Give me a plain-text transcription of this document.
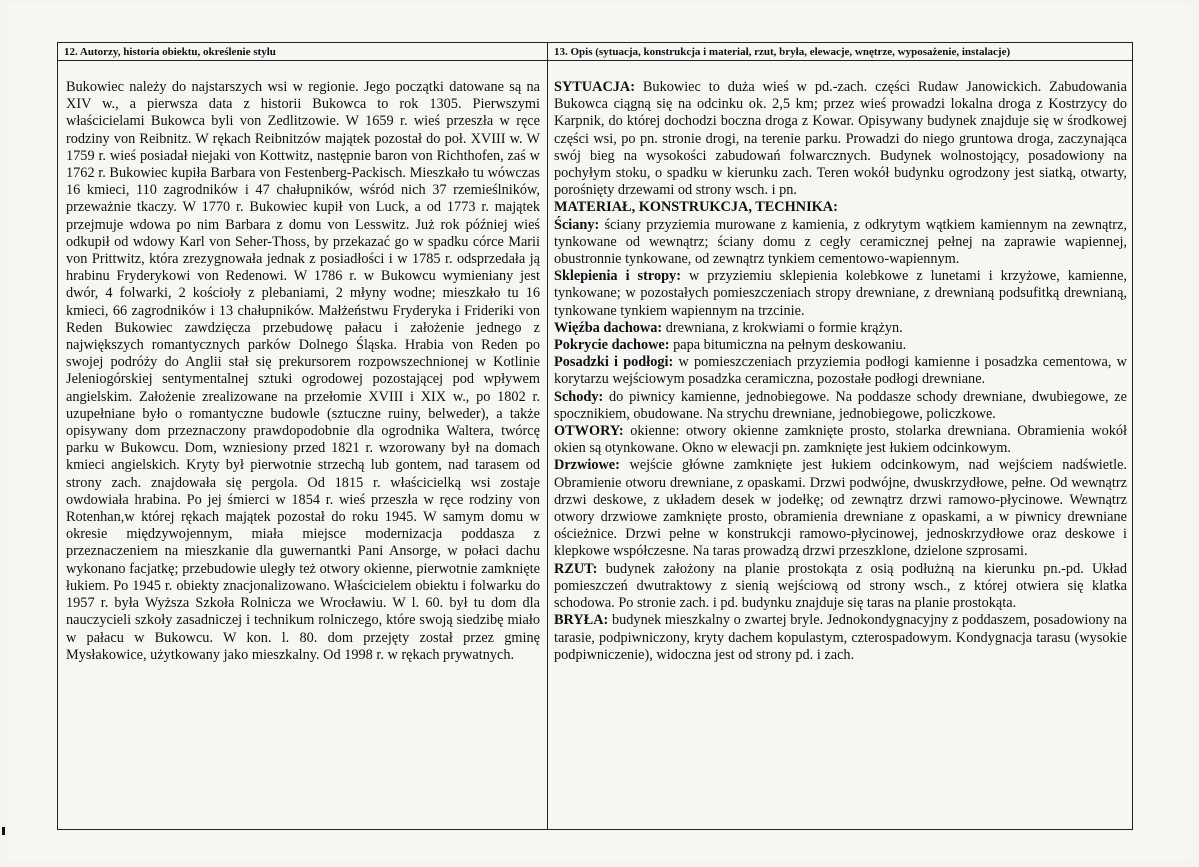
12. Autorzy, historia obiektu, określenie stylu
Bukowiec należy do najstarszych wsi w regionie. Jego początki datowane są na XIV w., a pierwsza data z historii Bukowca to rok 1305. Pierwszymi właścicielami Bukowca byli von Zedlitzowie. W 1659 r. wieś przeszła w ręce rodziny von Reibnitz. W rękach Reibnitzów majątek pozostał do poł. XVIII w. W 1759 r. wieś posiadał niejaki von Kottwitz, następnie baron von Richthofen, zaś w 1762 r. Bukowiec kupiła Barbara von Festenberg-Packisch. Mieszkało tu wówczas 16 kmieci, 110 zagrodników i 47 chałupników, wśród nich 37 rzemieślników, przeważnie tkaczy. W 1770 r. Bukowiec kupił von Luck, a od 1773 r. majątek przejmuje wdowa po nim Barbara z domu von Lesswitz. Już rok później wieś odkupił od wdowy Karl von Seher-Thoss, by przekazać go w spadku córce Marii von Prittwitz, która zrezygnowała jednak z posiadłości i w 1785 r. odsprzedała ją hrabinu Fryderykowi von Redenowi. W 1786 r. w Bukowcu wymieniany jest dwór, 4 folwarki, 2 kościoły z plebaniami, 2 młyny wodne; mieszkało tu 16 kmieci, 66 zagrodników i 13 chałupników. Małżeństwu Fryderyka i Frideriki von Reden Bukowiec zawdzięcza przebudowę pałacu i założenie jednego z największych romantycznych parków Dolnego Śląska. Hrabia von Reden po swojej podróży do Anglii stał się prekursorem rozpowszechnionej w Kotlinie Jeleniogórskiej sentymentalnej sztuki ogrodowej pozostającej pod wpływem angielskim. Założenie zrealizowane na przełomie XVIII i XIX w., po 1802 r. uzupełniane było o romantyczne budowle (sztuczne ruiny, belweder), a także opisywany dom przeznaczony prawdopodobnie dla ogrodnika Waltera, twórcę parku w Bukowcu. Dom, wzniesiony przed 1821 r. wzorowany był na domach kmieci angielskich. Kryty był pierwotnie strzechą lub gontem, nad tarasem od strony zach. znajdowała się pergola. Od 1815 r. właścicielką wsi zostaje owdowiała hrabina. Po jej śmierci w 1854 r. wieś przeszła w ręce rodziny von Rotenhan,w której rękach majątek pozostał do roku 1945. W samym domu w okresie międzywojennym, miała miejsce modernizacja poddasza z przeznaczeniem na mieszkanie dla guwernantki Pani Ansorge, w połaci dachu wykonano facjatkę; przebudowie uległy też otwory okienne, pierwotnie zamknięte łukiem. Po 1945 r. obiekty znacjonalizowano. Właścicielem obiektu i folwarku do 1957 r. była Wyższa Szkoła Rolnicza we Wrocławiu. W l. 60. był tu dom dla nauczycieli szkoły zasadniczej i technikum rolniczego, które swoją siedzibę miało w pałacu w Bukowcu. W kon. l. 80. dom przejęty został przez gminę Mysłakowice, użytkowany jako mieszkalny. Od 1998 r. w rękach prywatnych.
13. Opis (sytuacja, konstrukcja i materiał, rzut, bryła, elewacje, wnętrze, wyposażenie, instalacje)

SYTUACJA: Bukowiec to duża wieś w pd.-zach. części Rudaw Janowickich. Zabudowania Bukowca ciągną się na odcinku ok. 2,5 km; przez wieś prowadzi lokalna droga z Kostrzycy do Karpnik, do której dochodzi boczna droga z Kowar. Opisywany budynek znajduje się w środkowej części wsi, po pn. stronie drogi, na terenie parku. Prowadzi do niego gruntowa droga, zaczynająca swój bieg na wysokości zabudowań folwarcznych. Budynek wolnostojący, posadowiony na pochyłym stoku, o spadku w kierunku zach. Teren wokół budynku ogrodzony jest siatką, otwarty, porośnięty drzewami od strony wsch. i pn.

MATERIAŁ, KONSTRUKCJA, TECHNIKA:

Ściany: ściany przyziemia murowane z kamienia, z odkrytym wątkiem kamiennym na zewnątrz, tynkowane od wewnątrz; ściany domu z cegły ceramicznej pełnej na zaprawie wapiennej, obustronnie tynkowane, od zewnątrz tynkiem cementowo-wapiennym.

Sklepienia i stropy: w przyziemiu sklepienia kolebkowe z lunetami i krzyżowe, kamienne, tynkowane; w pozostałych pomieszczeniach stropy drewniane, z drewnianą podsufitką drewnianą, tynkowane tynkiem wapiennym na trzcinie.

Więźba dachowa: drewniana, z krokwiami o formie krążyn.

Pokrycie dachowe: papa bitumiczna na pełnym deskowaniu.

Posadzki i podłogi: w pomieszczeniach przyziemia podłogi kamienne i posadzka cementowa, w korytarzu wejściowym posadzka ceramiczna, pozostałe podłogi drewniane.

Schody: do piwnicy kamienne, jednobiegowe. Na poddasze schody drewniane, dwubiegowe, ze spocznikiem, obudowane. Na strychu drewniane, jednobiegowe, policzkowe.

OTWORY: okienne: otwory okienne zamknięte prosto, stolarka drewniana. Obramienia wokół okien są otynkowane. Okno w elewacji pn. zamknięte jest łukiem odcinkowym.

Drzwiowe: wejście główne zamknięte jest łukiem odcinkowym, nad wejściem nadświetle. Obramienie otworu drewniane, z opaskami. Drzwi podwójne, dwuskrzydłowe, pełne. Od wewnątrz drzwi deskowe, z układem desek w jodełkę; od zewnątrz drzwi ramowo-płycinowe. Wewnątrz otwory drzwiowe zamknięte prosto, obramienia drewniane z opaskami, a w piwnicy drewniane ościeżnice. Drzwi pełne w konstrukcji ramowo-płycinowej, jednoskrzydłowe oraz deskowe i klepkowe współczesne. Na taras prowadzą drzwi przeszklone, dzielone szprosami.

RZUT: budynek założony na planie prostokąta z osią podłużną na kierunku pn.-pd. Układ pomieszczeń dwutraktowy z sienią wejściową od strony wsch., z której otwiera się klatka schodowa. Po stronie zach. i pd. budynku znajduje się taras na planie prostokąta.

BRYŁA: budynek mieszkalny o zwartej bryle. Jednokondygnacyjny z poddaszem, posadowiony na tarasie, podpiwniczony, kryty dachem kopulastym, czterospadowym. Kondygnacja tarasu (wysokie podpiwniczenie), widoczna jest od strony pd. i zach.
